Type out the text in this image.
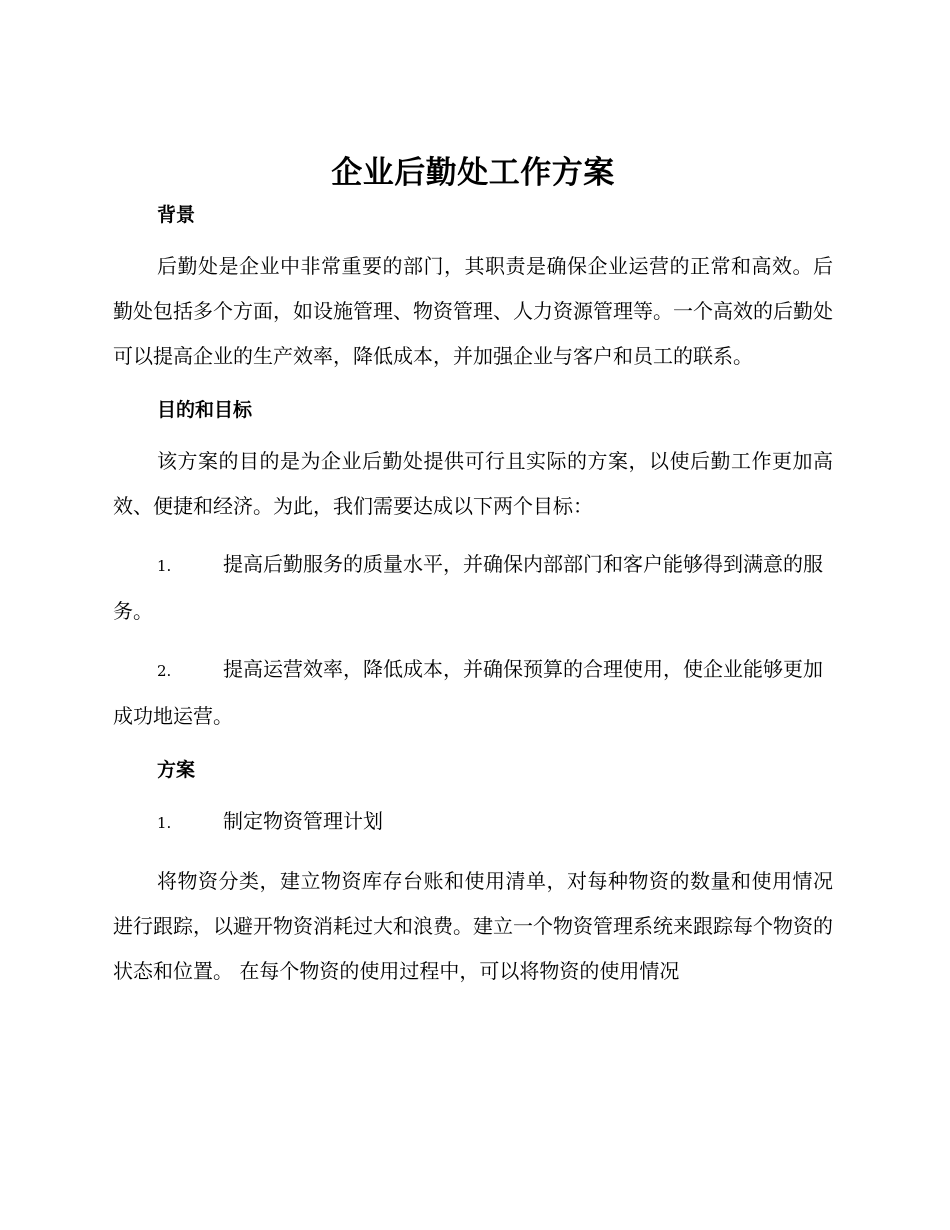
企业后勤处工作方案
背景

后勤处是企业中非常重要的部门，其职责是确保企业运营的正常和高效。后勤处包括多个方面，如设施管理、物资管理、人力资源管理等。一个高效的后勤处可以提高企业的生产效率，降低成本，并加强企业与客户和员工的联系。

目的和目标

该方案的目的是为企业后勤处提供可行且实际的方案，以使后勤工作更加高效、便捷和经济。为此，我们需要达成以下两个目标：

1.	提高后勤服务的质量水平，并确保内部部门和客户能够得到满意的服务。

2.	提高运营效率，降低成本，并确保预算的合理使用，使企业能够更加成功地运营。

方案

1.	制定物资管理计划

将物资分类，建立物资库存台账和使用清单，对每种物资的数量和使用情况进行跟踪，以避开物资消耗过大和浪费。建立一个物资管理系统来跟踪每个物资的状态和位置。 在每个物资的使用过程中，可以将物资的使用情况
